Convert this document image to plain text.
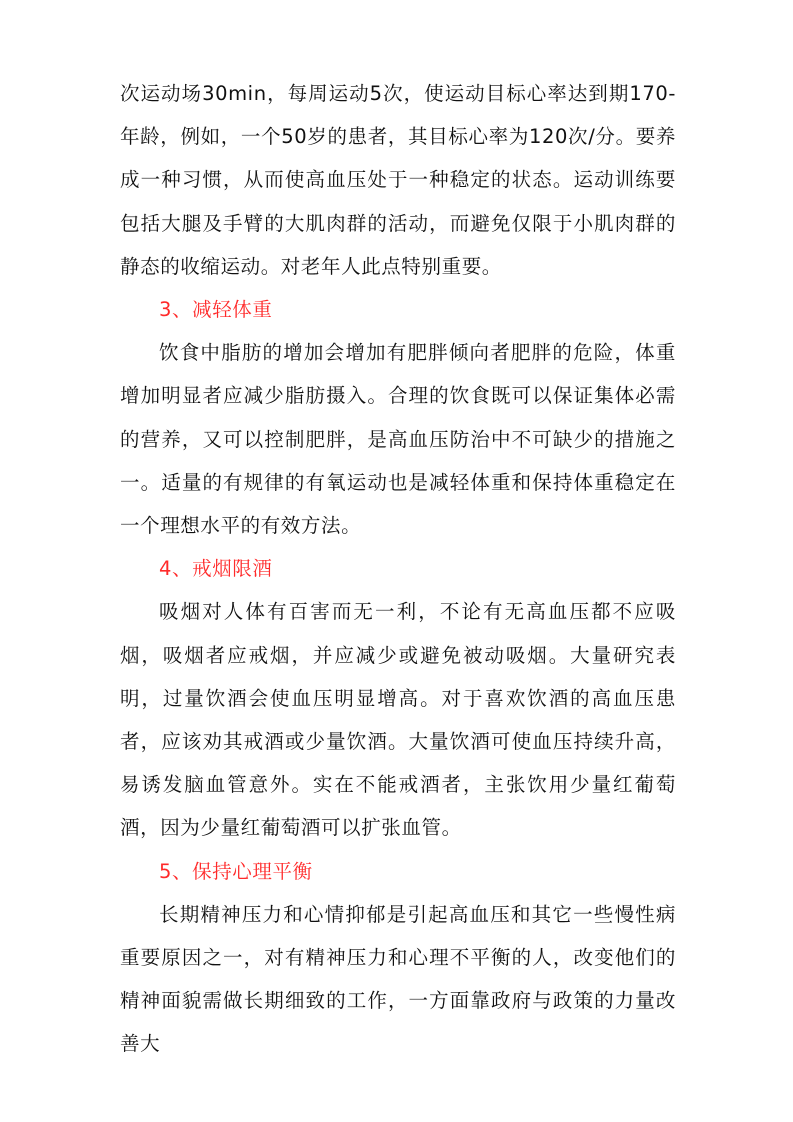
次运动场30min，每周运动5次，使运动目标心率达到期170-年龄，例如，一个50岁的患者，其目标心率为120次/分。要养成一种习惯，从而使高血压处于一种稳定的状态。运动训练要包括大腿及手臂的大肌肉群的活动，而避免仅限于小肌肉群的静态的收缩运动。对老年人此点特别重要。

3、减轻体重

饮食中脂肪的增加会增加有肥胖倾向者肥胖的危险，体重增加明显者应减少脂肪摄入。合理的饮食既可以保证集体必需的营养，又可以控制肥胖，是高血压防治中不可缺少的措施之一。适量的有规律的有氧运动也是减轻体重和保持体重稳定在一个理想水平的有效方法。

4、戒烟限酒

吸烟对人体有百害而无一利，不论有无高血压都不应吸烟，吸烟者应戒烟，并应减少或避免被动吸烟。大量研究表明，过量饮酒会使血压明显增高。对于喜欢饮酒的高血压患者，应该劝其戒酒或少量饮酒。大量饮酒可使血压持续升高，易诱发脑血管意外。实在不能戒酒者，主张饮用少量红葡萄酒，因为少量红葡萄酒可以扩张血管。

5、保持心理平衡

长期精神压力和心情抑郁是引起高血压和其它一些慢性病重要原因之一，对有精神压力和心理不平衡的人，改变他们的精神面貌需做长期细致的工作，一方面靠政府与政策的力量改善大
